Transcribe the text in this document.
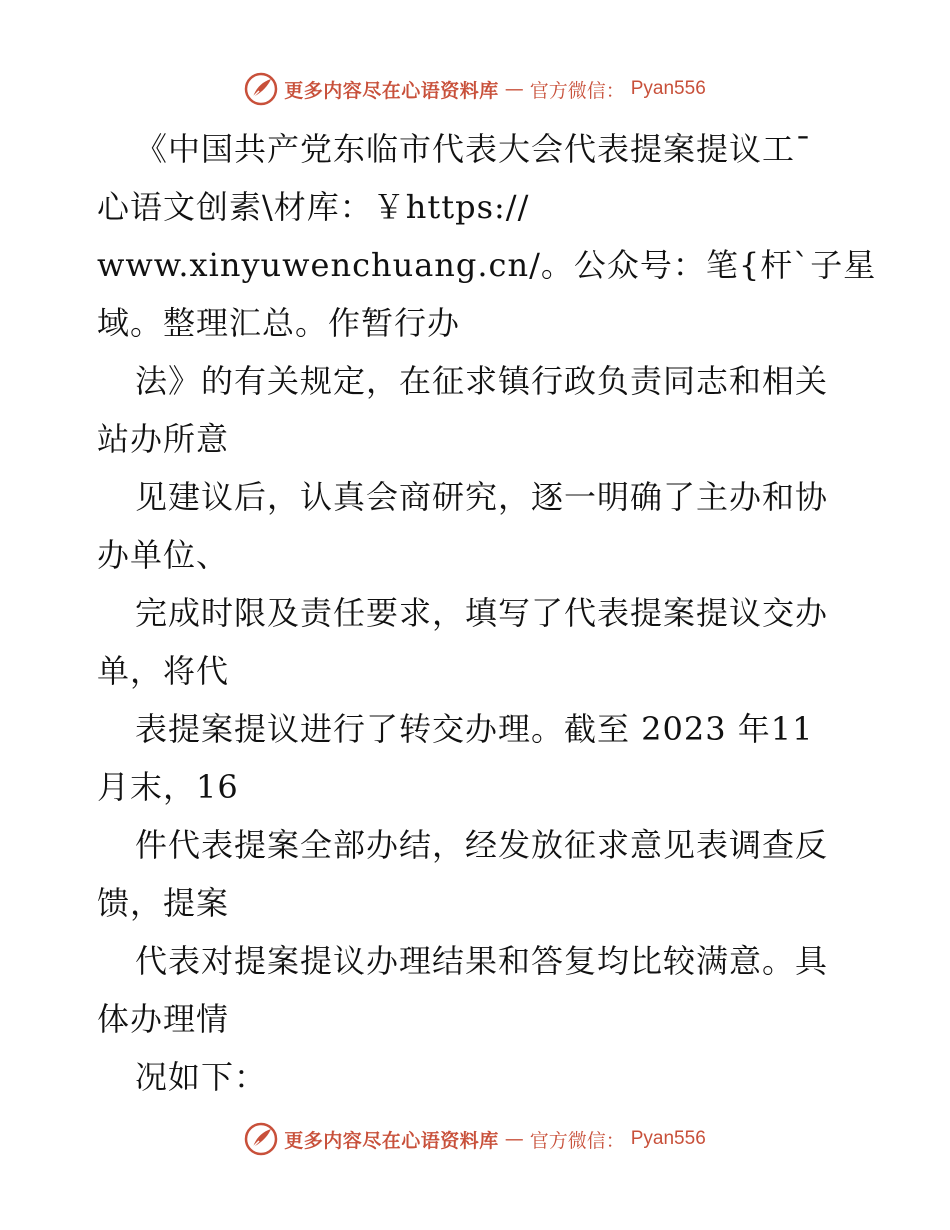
更多内容尽在心语资料库 — 官方微信： Pyan556
《中国共产党东临市代表大会代表提案提议工¯
心语文创素\材库：￥https://
www.xinyuwenchuang.cn/。公众号：笔{杆`子星
域。整理汇总。作暂行办
法》的有关规定，在征求镇行政负责同志和相关
站办所意
见建议后，认真会商研究，逐一明确了主办和协
办单位、
完成时限及责任要求，填写了代表提案提议交办
单，将代
表提案提议进行了转交办理。截至 2023 年11
月末，16
件代表提案全部办结，经发放征求意见表调查反
馈，提案
代表对提案提议办理结果和答复均比较满意。具
体办理情
况如下：
更多内容尽在心语资料库 — 官方微信： Pyan556
